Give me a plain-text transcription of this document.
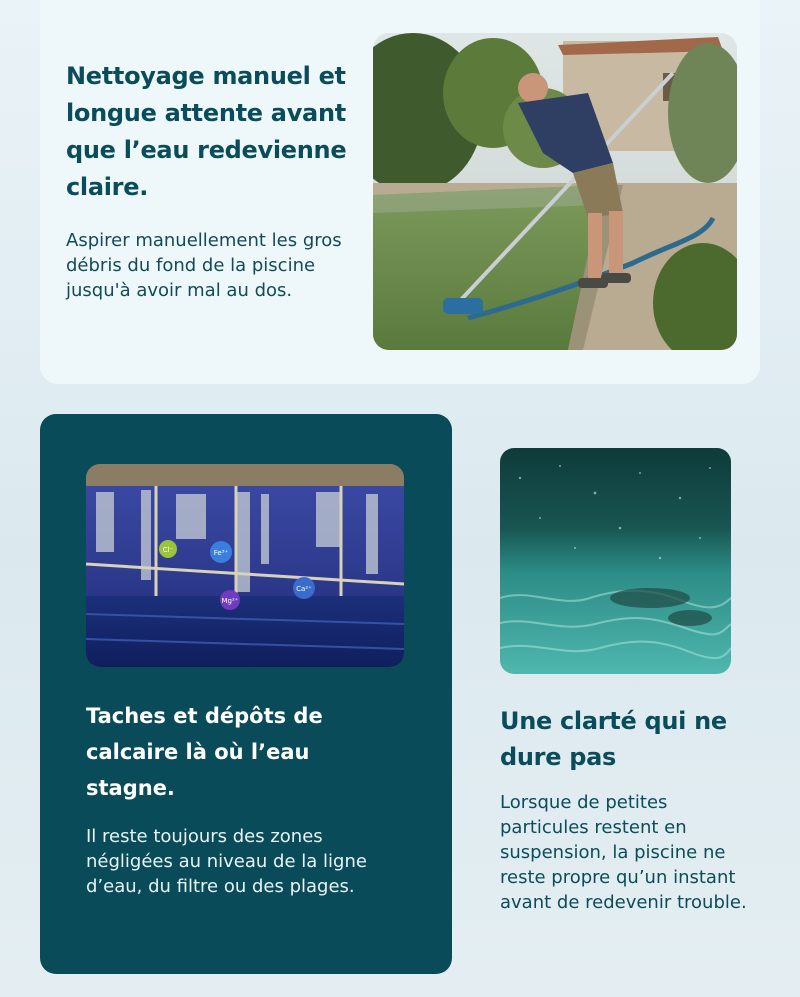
Nettoyage manuel et longue attente avant que l’eau redevienne claire.

Aspirer manuellement les gros débris du fond de la piscine jusqu'à avoir mal au dos.

Cl⁻	Fe³⁺
Mg²⁺
Ca²⁺
Taches et dépôts de calcaire là où l’eau stagne.

Il reste toujours des zones négligées au niveau de la ligne d’eau, du filtre ou des plages.

Une clarté qui ne dure pas

Lorsque de petites particules restent en suspension, la piscine ne reste propre qu’un instant avant de redevenir trouble.
